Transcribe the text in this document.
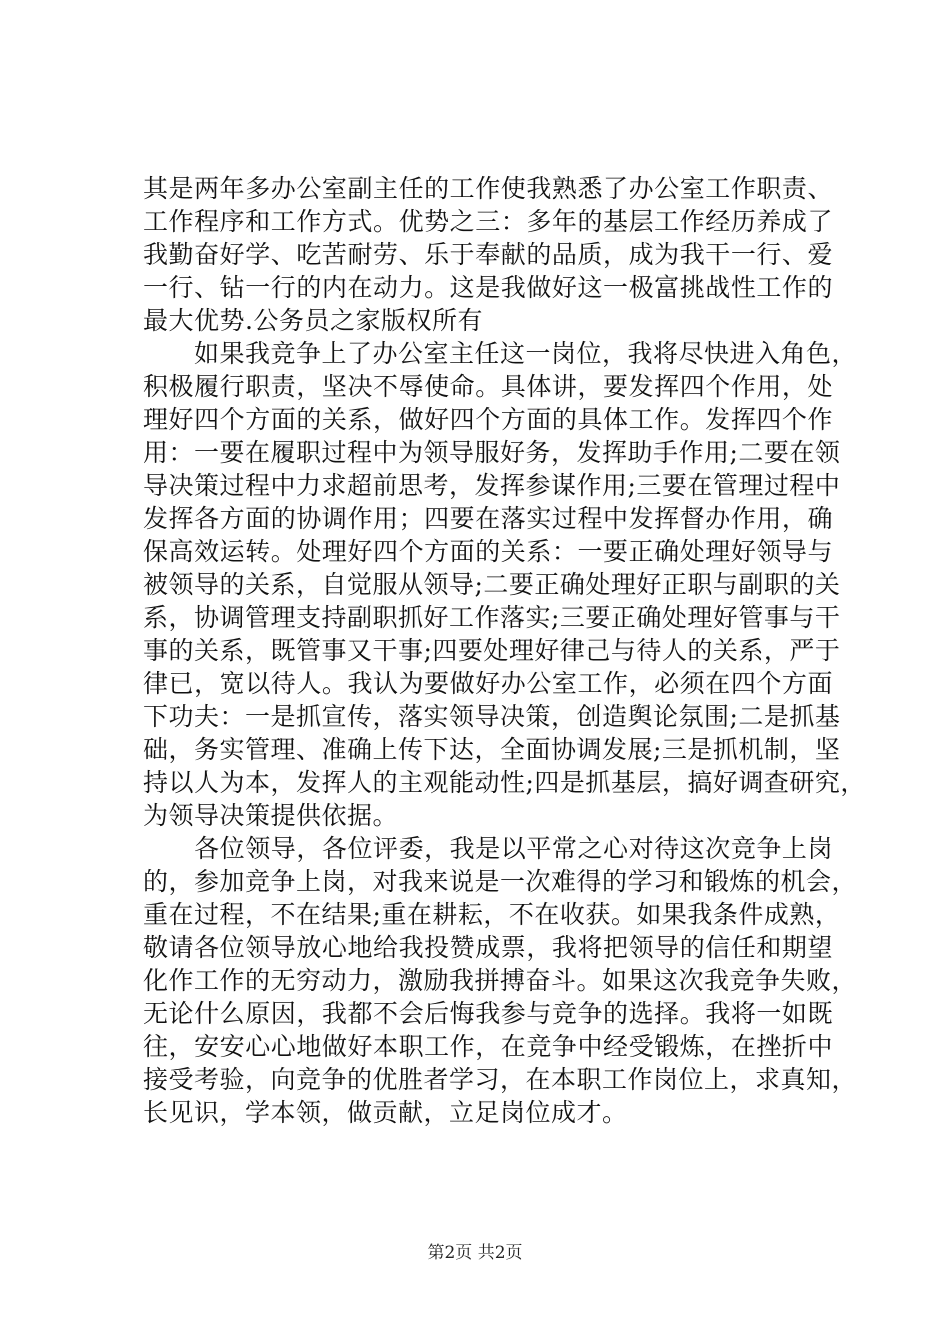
其是两年多办公室副主任的工作使我熟悉了办公室工作职责、
工作程序和工作方式。优势之三：多年的基层工作经历养成了
我勤奋好学、吃苦耐劳、乐于奉献的品质，成为我干一行、爱
一行、钻一行的内在动力。这是我做好这一极富挑战性工作的
最大优势.公务员之家版权所有
　　如果我竞争上了办公室主任这一岗位，我将尽快进入角色，
积极履行职责，坚决不辱使命。具体讲，要发挥四个作用，处
理好四个方面的关系，做好四个方面的具体工作。发挥四个作
用：一要在履职过程中为领导服好务，发挥助手作用;二要在领
导决策过程中力求超前思考，发挥参谋作用;三要在管理过程中
发挥各方面的协调作用；四要在落实过程中发挥督办作用，确
保高效运转。处理好四个方面的关系：一要正确处理好领导与
被领导的关系，自觉服从领导;二要正确处理好正职与副职的关
系，协调管理支持副职抓好工作落实;三要正确处理好管事与干
事的关系，既管事又干事;四要处理好律己与待人的关系，严于
律已，宽以待人。我认为要做好办公室工作，必须在四个方面
下功夫：一是抓宣传，落实领导决策，创造舆论氛围;二是抓基
础，务实管理、准确上传下达，全面协调发展;三是抓机制，坚
持以人为本，发挥人的主观能动性;四是抓基层，搞好调查研究，
为领导决策提供依据。
　　各位领导，各位评委，我是以平常之心对待这次竞争上岗
的，参加竞争上岗，对我来说是一次难得的学习和锻炼的机会，
重在过程，不在结果;重在耕耘，不在收获。如果我条件成熟，
敬请各位领导放心地给我投赞成票，我将把领导的信任和期望
化作工作的无穷动力，激励我拼搏奋斗。如果这次我竞争失败，
无论什么原因，我都不会后悔我参与竞争的选择。我将一如既
往，安安心心地做好本职工作，在竞争中经受锻炼，在挫折中
接受考验，向竞争的优胜者学习，在本职工作岗位上，求真知，
长见识，学本领，做贡献，立足岗位成才。
第2页 共2页
